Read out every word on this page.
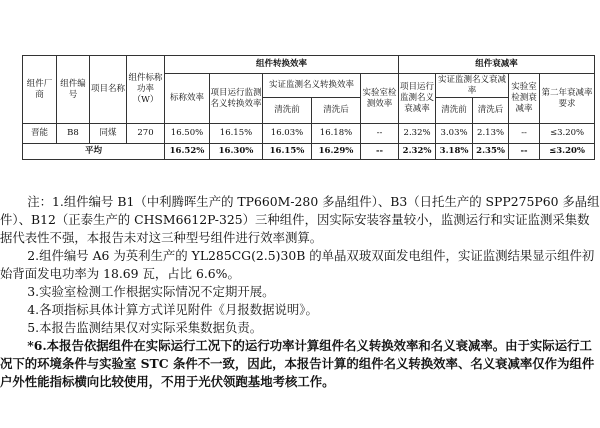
组件厂商	组件编号	项目名称	组件标称功率（W）	组件转换效率					组件衰减率				
				标称效率	项目运行监测名义转换效率	实证监测名义转换效率		实验室检测效率	项目运行监测名义衰减率	实证监测名义衰减率		实验室检测衰减率	第二年衰减率要求
						清洗前	清洗后			清洗前	清洗后		
晋能	B8	同煤	270	16.50%	16.15%	16.03%	16.18%	--	2.32%	3.03%	2.13%	--	≤3.20%
平均				16.52%	16.30%	16.15%	16.29%	--	2.32%	3.18%	2.35%	--	≤3.20%

注：1.组件编号 B1（中利腾晖生产的 TP660M-280 多晶组件）、B3（日托生产的 SPP275P60 多晶组件）、B12（正泰生产的 CHSM6612P-325）三种组件，因实际安装容量较小，监测运行和实证监测采集数据代表性不强，本报告未对这三种型号组件进行效率测算。

2.组件编号 A6 为英利生产的 YL285CG(2.5)30B 的单晶双玻双面发电组件，实证监测结果显示组件初始背面发电功率为 18.69 瓦，占比 6.6%。

3.实验室检测工作根据实际情况不定期开展。

4.各项指标具体计算方式详见附件《月报数据说明》。

5.本报告监测结果仅对实际采集数据负责。

*6.本报告依据组件在实际运行工况下的运行功率计算组件名义转换效率和名义衰减率。由于实际运行工况下的环境条件与实验室 STC 条件不一致，因此，本报告计算的组件名义转换效率、名义衰减率仅作为组件户外性能指标横向比较使用，不用于光伏领跑基地考核工作。
